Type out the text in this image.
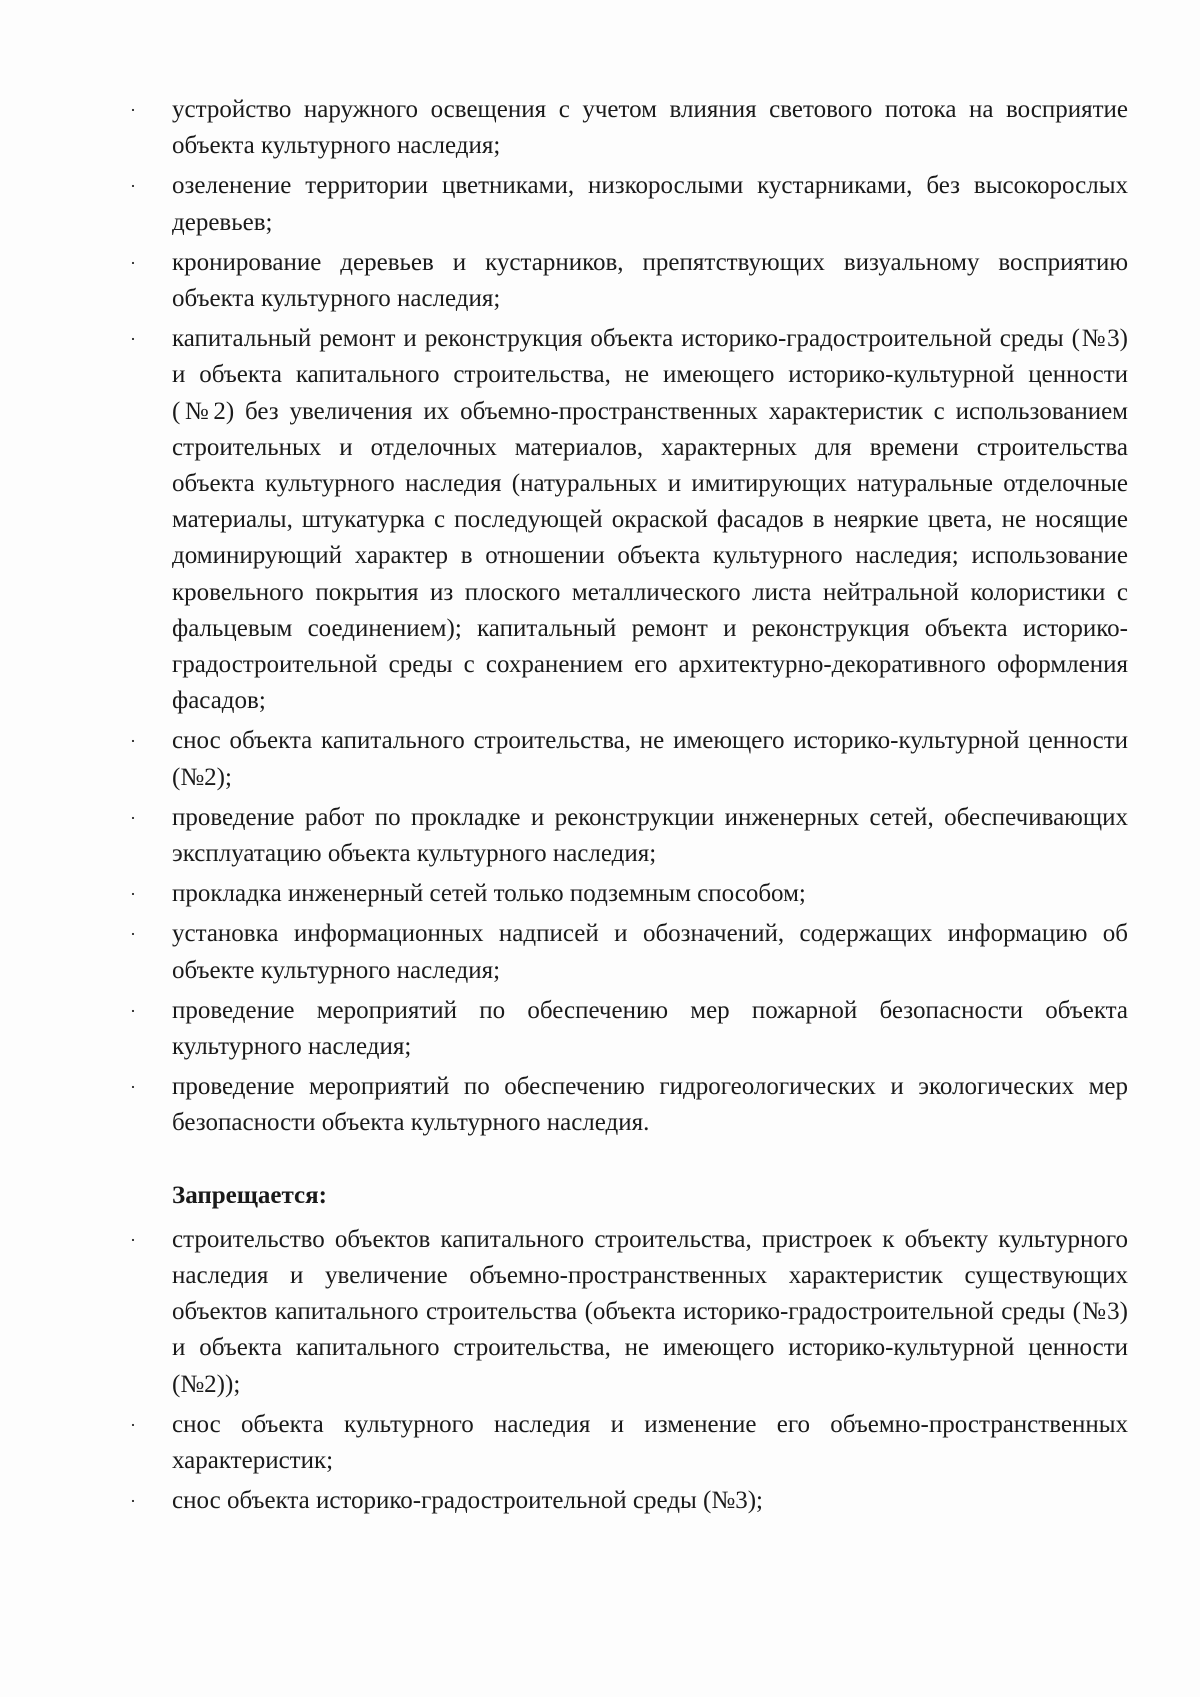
·	устройство наружного освещения с учетом влияния светового потока на восприятие объекта культурного наследия;
·	озеленение территории цветниками, низкорослыми кустарниками, без высокорослых деревьев;
·	кронирование деревьев и кустарников, препятствующих визуальному восприятию объекта культурного наследия;
·	капитальный ремонт и реконструкция объекта историко-градостроительной среды (№3) и объекта капитального строительства, не имеющего историко-культурной ценности (№2) без увеличения их объемно-пространственных характеристик с использованием строительных и отделочных материалов, характерных для времени строительства объекта культурного наследия (натуральных и имитирующих натуральные отделочные материалы, штукатурка с последующей окраской фасадов в неяркие цвета, не носящие доминирующий характер в отношении объекта культурного наследия; использование кровельного покрытия из плоского металлического листа нейтральной колористики с фальцевым соединением); капитальный ремонт и реконструкция объекта историко-градостроительной среды с сохранением его архитектурно-декоративного оформления фасадов;
·	снос объекта капитального строительства, не имеющего историко-культурной ценности (№2);
·	проведение работ по прокладке и реконструкции инженерных сетей, обеспечивающих эксплуатацию объекта культурного наследия;
·	прокладка инженерный сетей только подземным способом;
·	установка информационных надписей и обозначений, содержащих информацию об объекте культурного наследия;
·	проведение мероприятий по обеспечению мер пожарной безопасности объекта культурного наследия;
·	проведение мероприятий по обеспечению гидрогеологических и экологических мер безопасности объекта культурного наследия.
Запрещается:
·	строительство объектов капитального строительства, пристроек к объекту культурного наследия и увеличение объемно-пространственных характеристик существующих объектов капитального строительства (объекта историко-градостроительной среды (№3) и объекта капитального строительства, не имеющего историко-культурной ценности (№2));
·	снос объекта культурного наследия и изменение его объемно-пространственных характеристик;
·	снос объекта историко-градостроительной среды (№3);
